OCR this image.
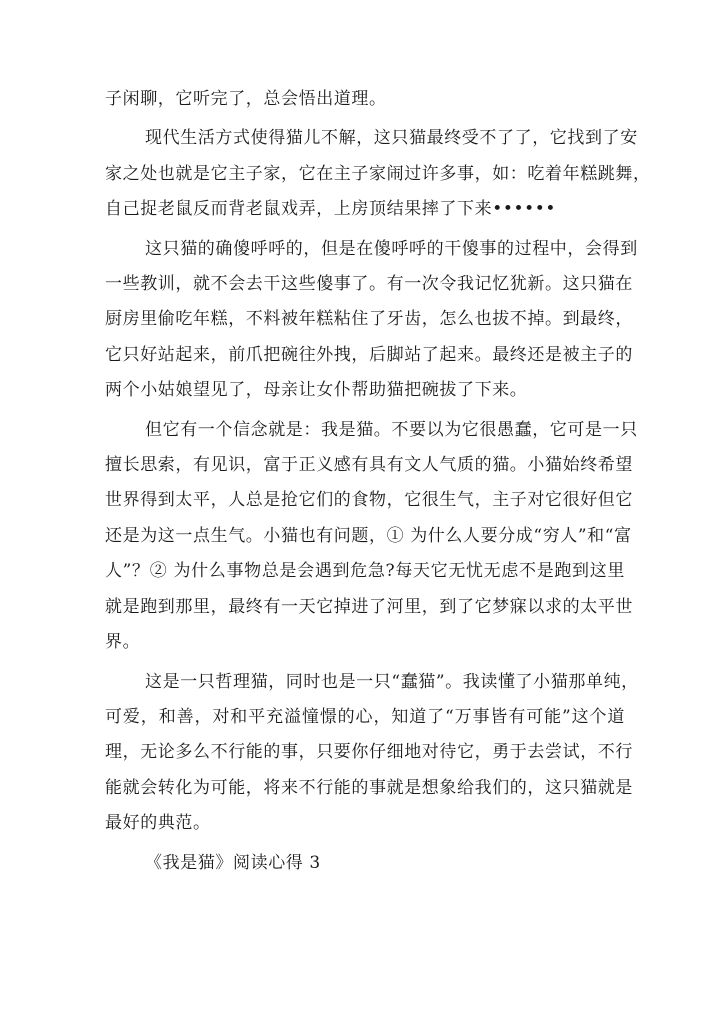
子闲聊，它听完了，总会悟出道理。

现代生活方式使得猫儿不解，这只猫最终受不了了，它找到了安
家之处也就是它主子家，它在主子家闹过许多事，如：吃着年糕跳舞，
自己捉老鼠反而背老鼠戏弄，上房顶结果摔了下来••••••

这只猫的确傻呼呼的，但是在傻呼呼的干傻事的过程中，会得到
一些教训，就不会去干这些傻事了。有一次令我记忆犹新。这只猫在
厨房里偷吃年糕，不料被年糕粘住了牙齿，怎么也拔不掉。到最终，
它只好站起来，前爪把碗往外拽，后脚站了起来。最终还是被主子的
两个小姑娘望见了，母亲让女仆帮助猫把碗拔了下来。

但它有一个信念就是：我是猫。不要以为它很愚蠢，它可是一只
擅长思索，有见识，富于正义感有具有文人气质的猫。小猫始终希望
世界得到太平，人总是抢它们的食物，它很生气，主子对它很好但它
还是为这一点生气。小猫也有问题，① 为什么人要分成“穷人”和“富
人”？② 为什么事物总是会遇到危急?每天它无忧无虑不是跑到这里
就是跑到那里，最终有一天它掉进了河里，到了它梦寐以求的太平世
界。

这是一只哲理猫，同时也是一只“蠢猫”。我读懂了小猫那单纯，
可爱，和善，对和平充溢憧憬的心，知道了“万事皆有可能”这个道
理，无论多么不行能的事，只要你仔细地对待它，勇于去尝试，不行
能就会转化为可能，将来不行能的事就是想象给我们的，这只猫就是
最好的典范。

《我是猫》阅读心得 3
